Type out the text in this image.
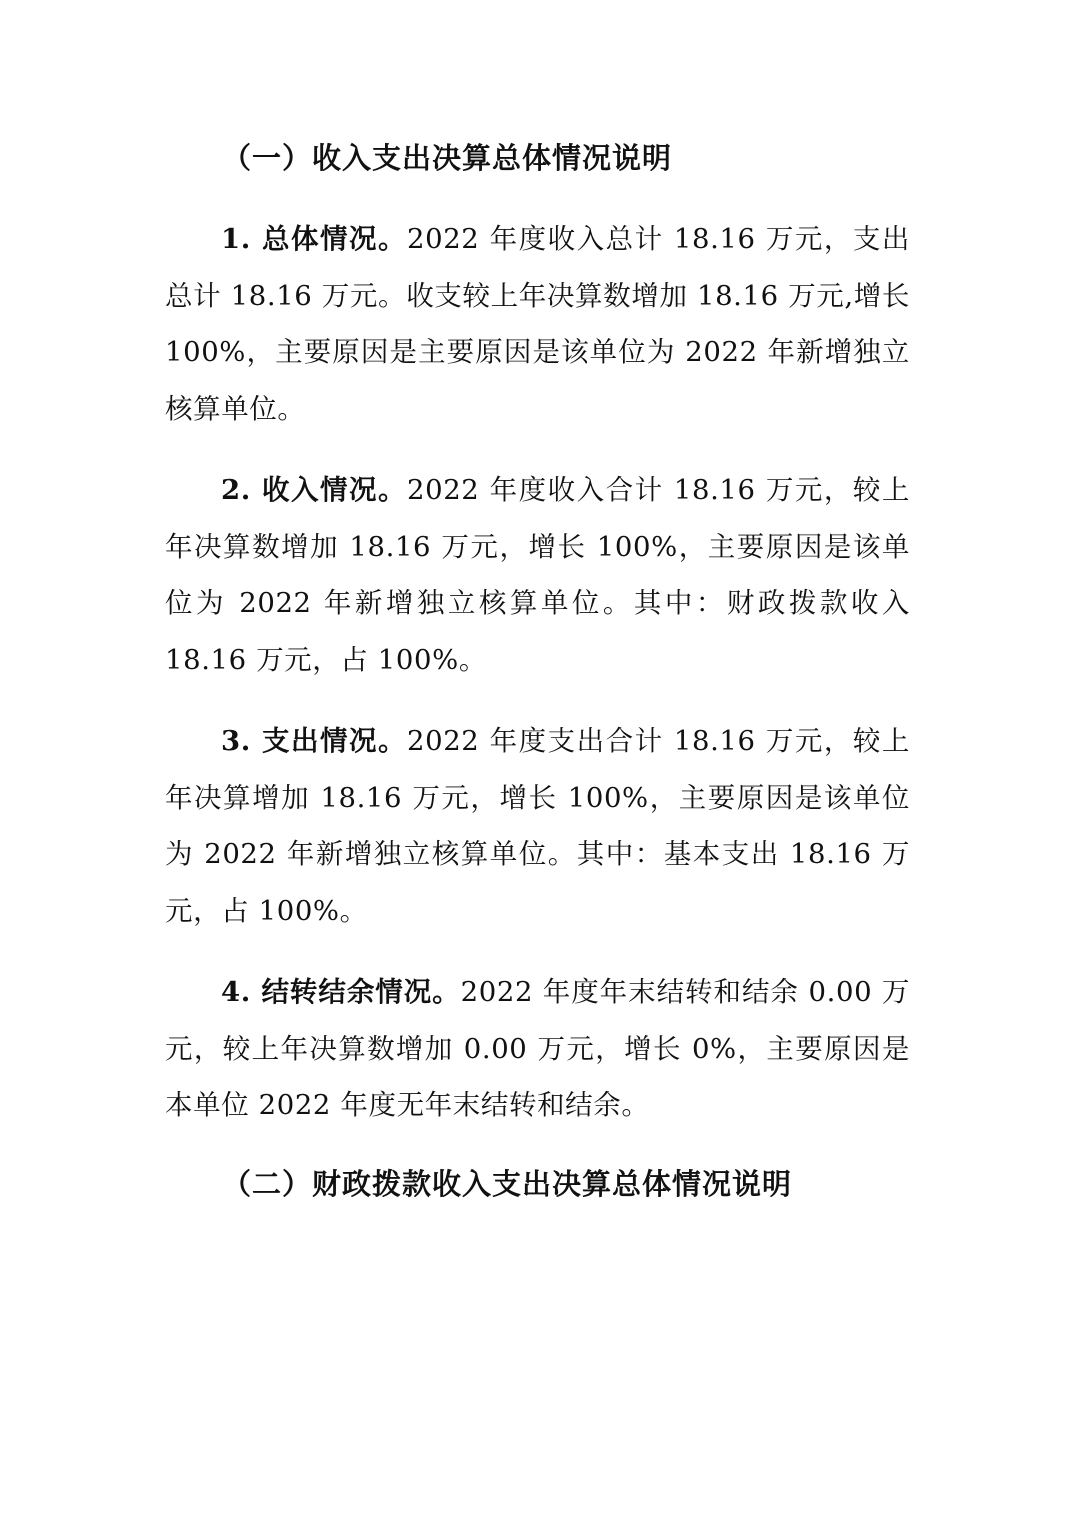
（一）收入支出决算总体情况说明

1. 总体情况。2022 年度收入总计 18.16 万元，支出总计 18.16 万元。收支较上年决算数增加 18.16 万元,增长 100%，主要原因是主要原因是该单位为 2022 年新增独立核算单位。

2. 收入情况。2022 年度收入合计 18.16 万元，较上年决算数增加 18.16 万元，增长 100%，主要原因是该单位为 2022 年新增独立核算单位。其中：财政拨款收入 18.16 万元，占 100%。

3. 支出情况。2022 年度支出合计 18.16 万元，较上年决算增加 18.16 万元，增长 100%，主要原因是该单位为 2022 年新增独立核算单位。其中：基本支出 18.16 万元，占 100%。

4. 结转结余情况。2022 年度年末结转和结余 0.00 万元，较上年决算数增加 0.00 万元，增长 0%，主要原因是本单位 2022 年度无年末结转和结余。

（二）财政拨款收入支出决算总体情况说明
